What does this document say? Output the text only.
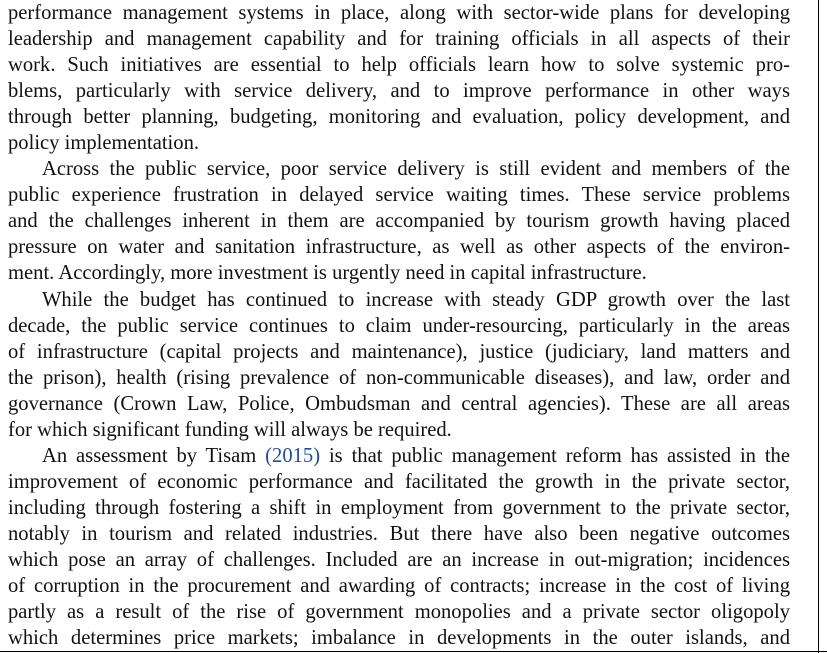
performance management systems in place, along with sector-wide plans for developing
leadership and management capability and for training officials in all aspects of their
work. Such initiatives are essential to help officials learn how to solve systemic pro-
blems, particularly with service delivery, and to improve performance in other ways
through better planning, budgeting, monitoring and evaluation, policy development, and
policy implementation.
Across the public service, poor service delivery is still evident and members of the
public experience frustration in delayed service waiting times. These service problems
and the challenges inherent in them are accompanied by tourism growth having placed
pressure on water and sanitation infrastructure, as well as other aspects of the environ-
ment. Accordingly, more investment is urgently need in capital infrastructure.
While the budget has continued to increase with steady GDP growth over the last
decade, the public service continues to claim under-resourcing, particularly in the areas
of infrastructure (capital projects and maintenance), justice (judiciary, land matters and
the prison), health (rising prevalence of non-communicable diseases), and law, order and
governance (Crown Law, Police, Ombudsman and central agencies). These are all areas
for which significant funding will always be required.
An assessment by Tisam (2015) is that public management reform has assisted in the
improvement of economic performance and facilitated the growth in the private sector,
including through fostering a shift in employment from government to the private sector,
notably in tourism and related industries. But there have also been negative outcomes
which pose an array of challenges. Included are an increase in out-migration; incidences
of corruption in the procurement and awarding of contracts; increase in the cost of living
partly as a result of the rise of government monopolies and a private sector oligopoly
which determines price markets; imbalance in developments in the outer islands, and
